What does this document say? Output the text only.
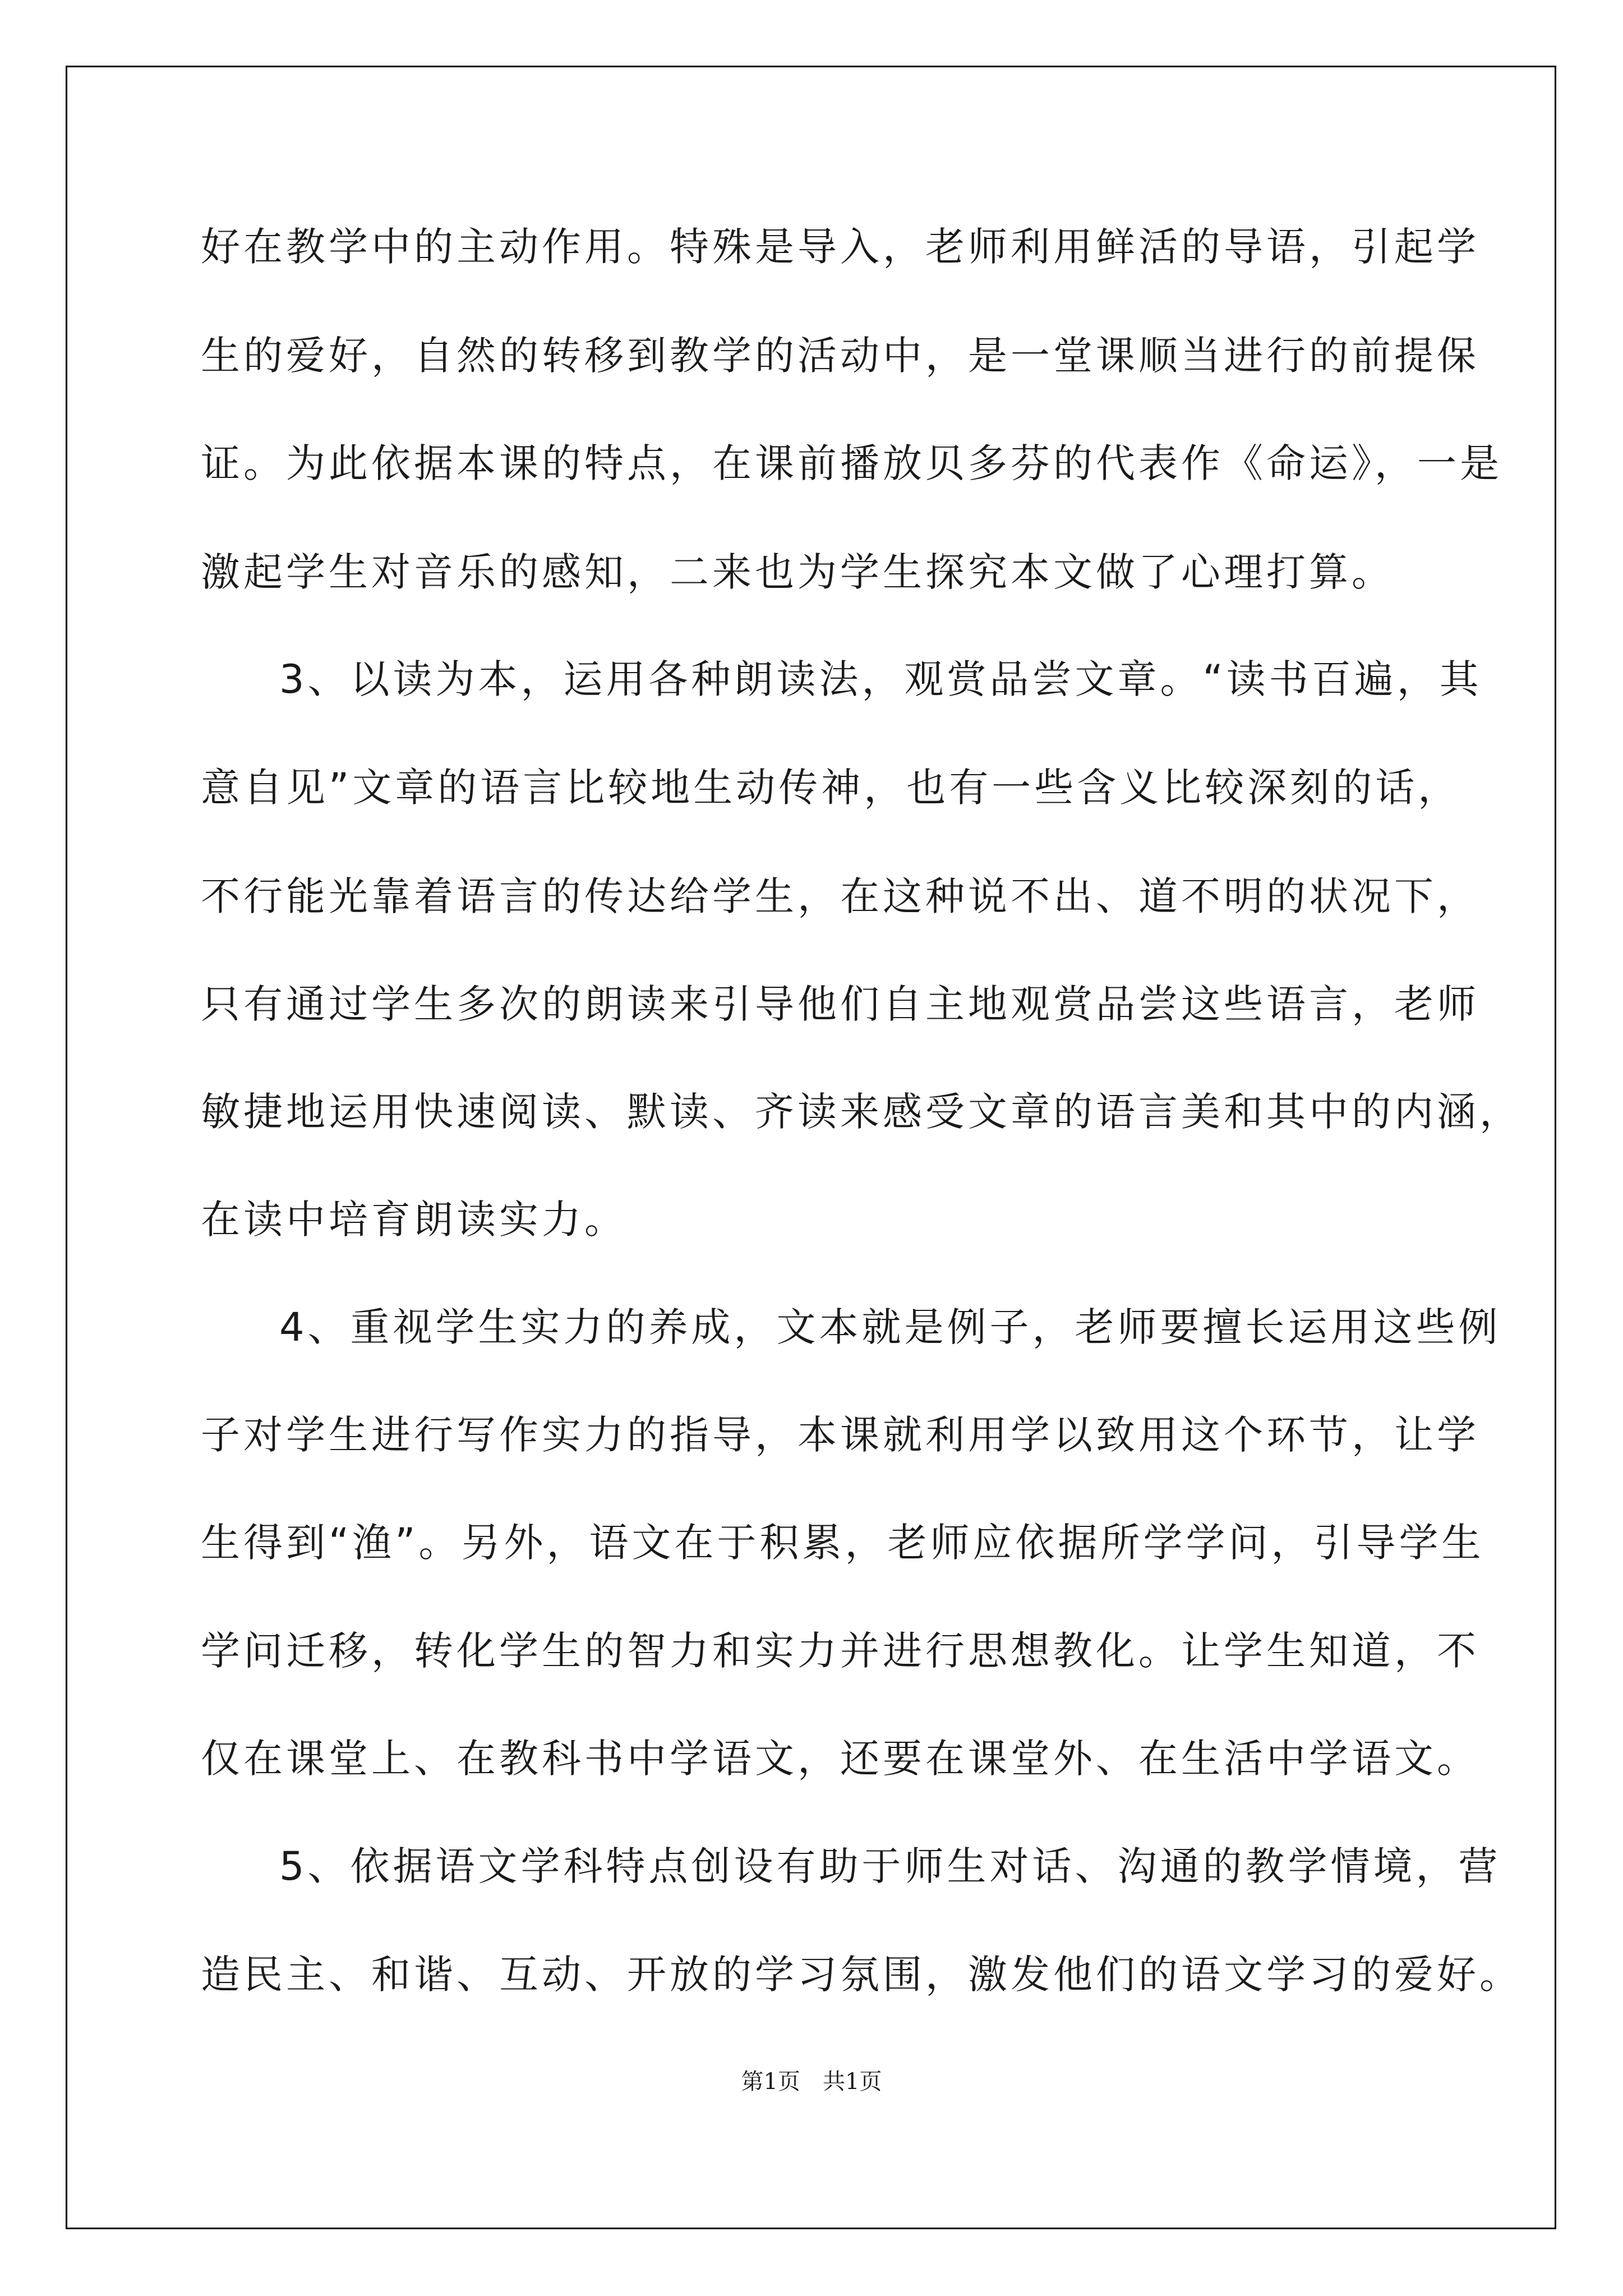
好在教学中的主动作用。特殊是导入，老师利用鲜活的导语，引起学
生的爱好，自然的转移到教学的活动中，是一堂课顺当进行的前提保
证。为此依据本课的特点，在课前播放贝多芬的代表作《命运》，一是
激起学生对音乐的感知，二来也为学生探究本文做了心理打算。
3、以读为本，运用各种朗读法，观赏品尝文章。“读书百遍，其
意自见”文章的语言比较地生动传神，也有一些含义比较深刻的话，
不行能光靠着语言的传达给学生，在这种说不出、道不明的状况下，
只有通过学生多次的朗读来引导他们自主地观赏品尝这些语言，老师
敏捷地运用快速阅读、默读、齐读来感受文章的语言美和其中的内涵，
在读中培育朗读实力。
4、重视学生实力的养成，文本就是例子，老师要擅长运用这些例
子对学生进行写作实力的指导，本课就利用学以致用这个环节，让学
生得到“渔”。另外，语文在于积累，老师应依据所学学问，引导学生
学问迁移，转化学生的智力和实力并进行思想教化。让学生知道，不
仅在课堂上、在教科书中学语文，还要在课堂外、在生活中学语文。
5、依据语文学科特点创设有助于师生对话、沟通的教学情境，营
造民主、和谐、互动、开放的学习氛围，激发他们的语文学习的爱好。
第1页 共1页
